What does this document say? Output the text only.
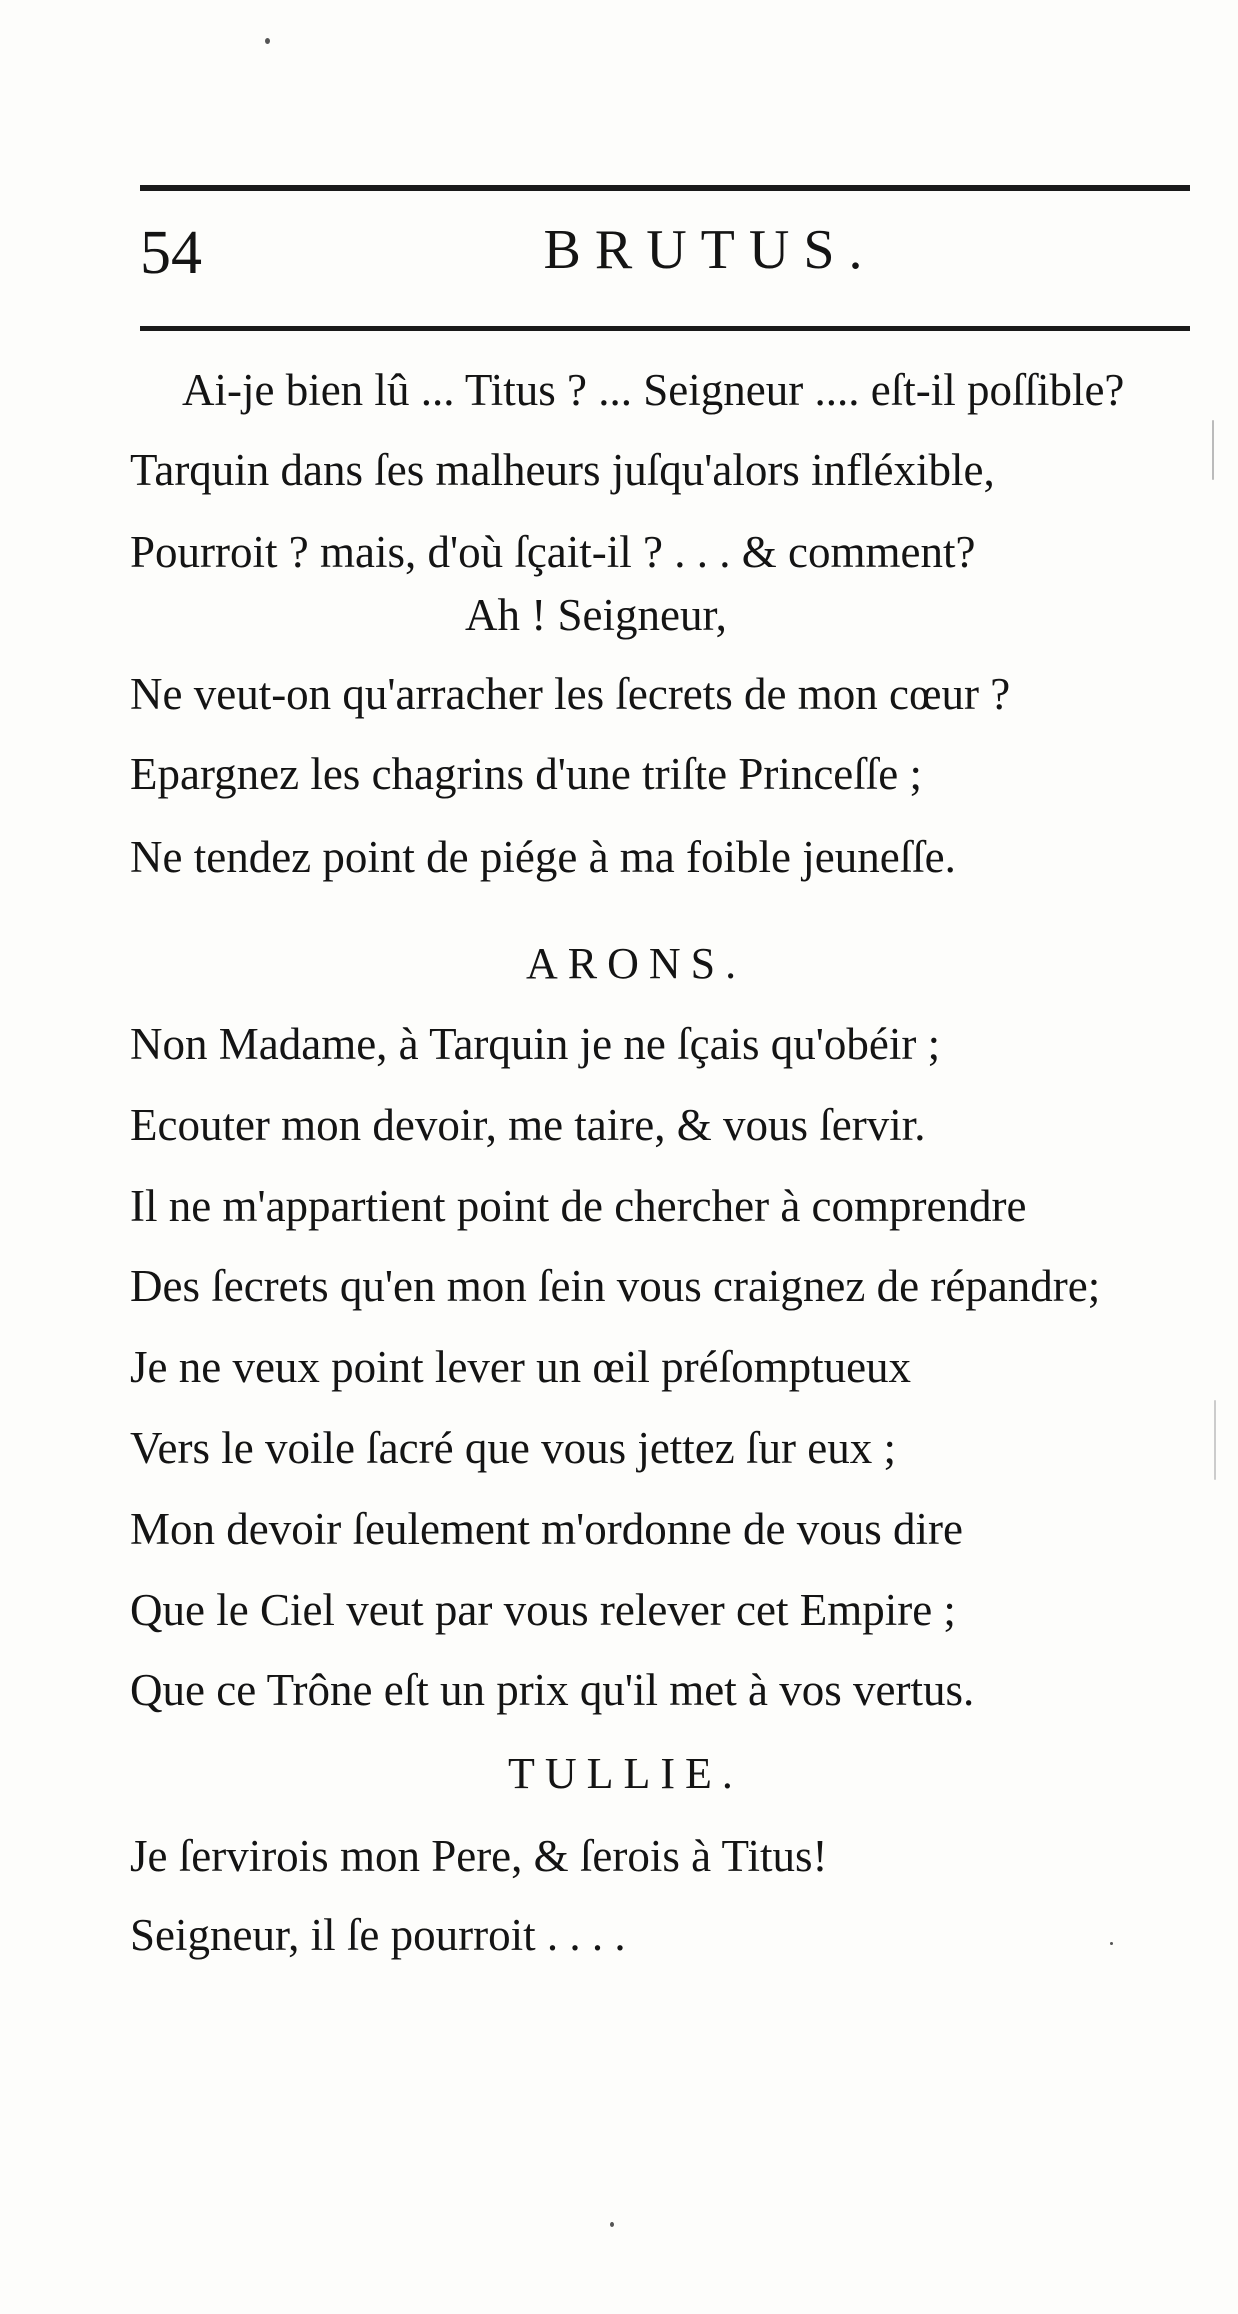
54	BRUTUS.
Ai-je bien lû ... Titus ? ... Seigneur .... eſt-il poſſible?
Tarquin dans ſes malheurs juſqu'alors infléxible,
Pourroit ? mais, d'où ſçait-il ? . . . & comment?
Ah ! Seigneur,
Ne veut-on qu'arracher les ſecrets de mon cœur ?
Epargnez les chagrins d'une triſte Princeſſe ;
Ne tendez point de piége à ma foible jeuneſſe.
ARONS.
Non Madame, à Tarquin je ne ſçais qu'obéir ;
Ecouter mon devoir, me taire, & vous ſervir.
Il ne m'appartient point de chercher à comprendre
Des ſecrets qu'en mon ſein vous craignez de répandre;
Je ne veux point lever un œil préſomptueux
Vers le voile ſacré que vous jettez ſur eux ;
Mon devoir ſeulement m'ordonne de vous dire
Que le Ciel veut par vous relever cet Empire ;
Que ce Trône eſt un prix qu'il met à vos vertus.
TULLIE.
Je ſervirois mon Pere, & ſerois à Titus!
Seigneur, il ſe pourroit . . . .
